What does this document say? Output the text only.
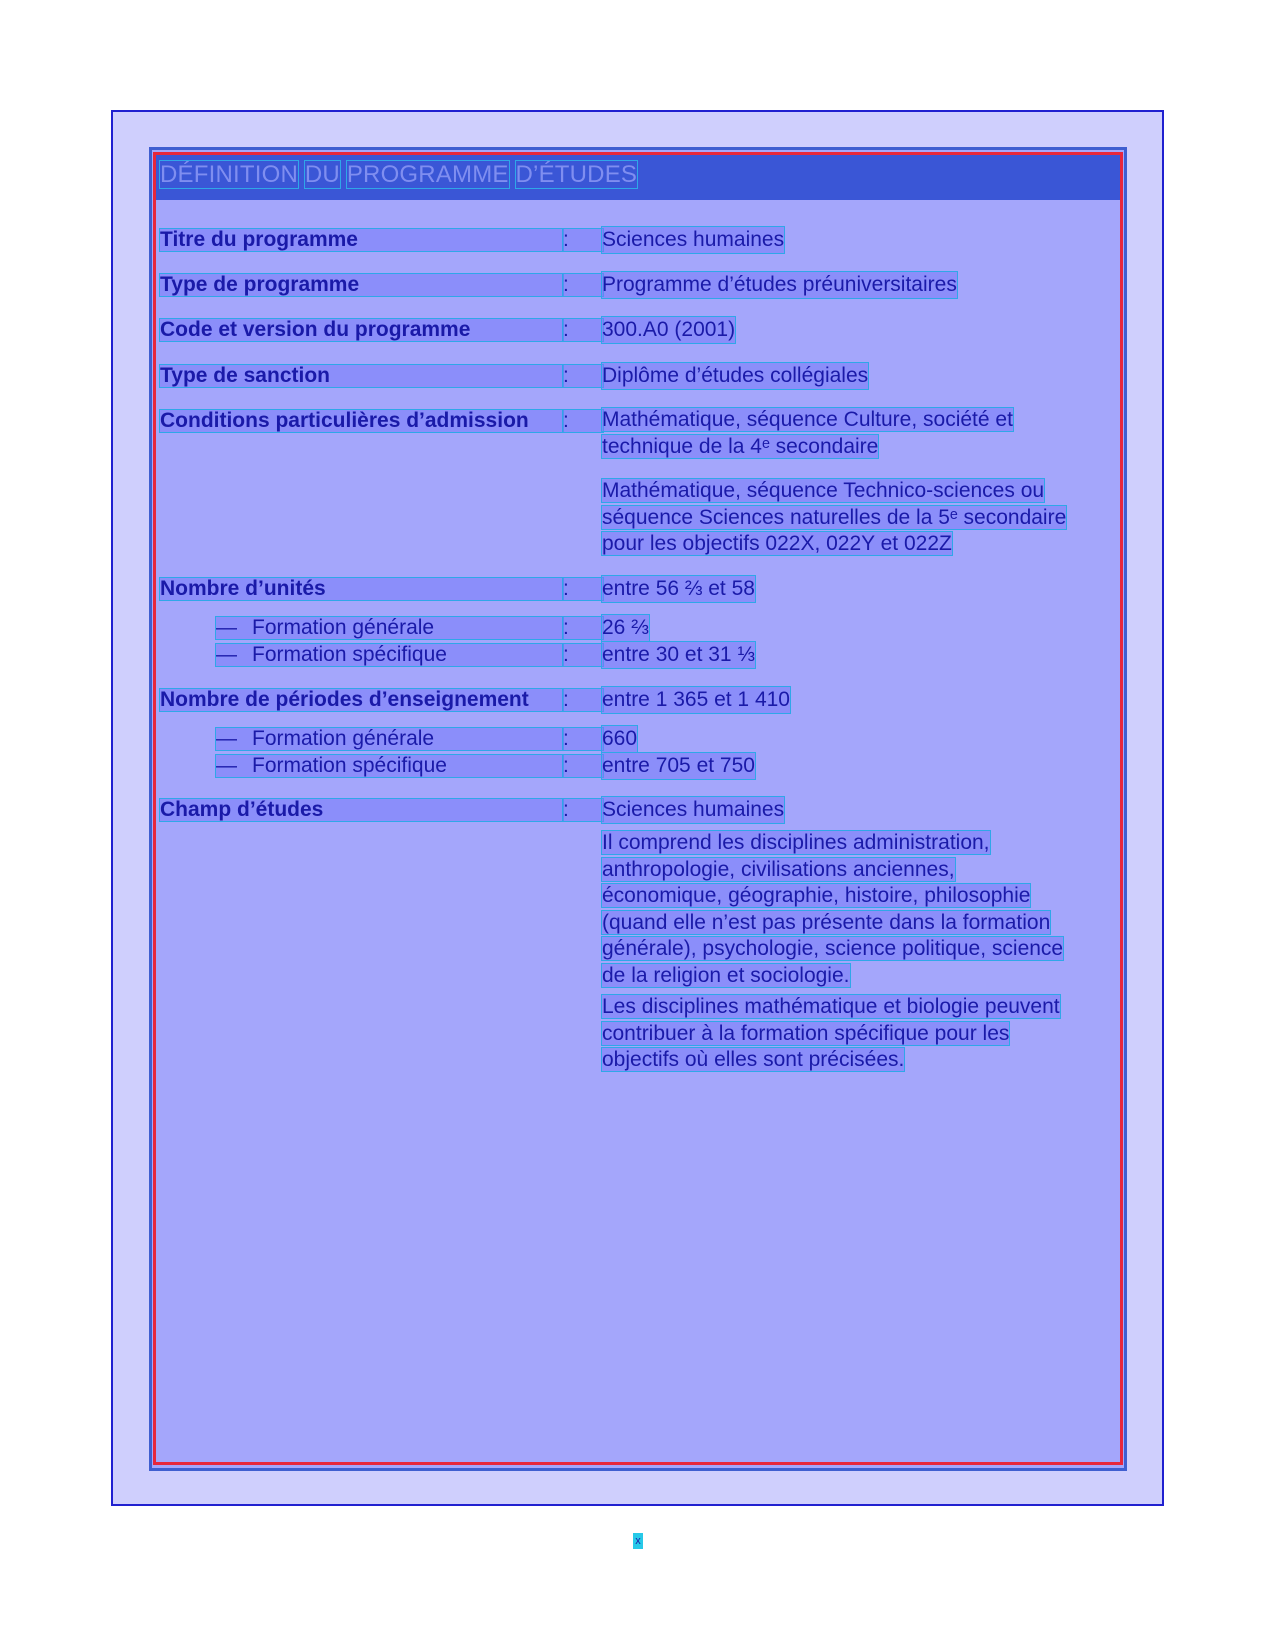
DÉFINITION DU PROGRAMME D’ÉTUDES
Titre du programme	:	Sciences humaines
Type de programme	:	Programme d’études préuniversitaires
Code et version du programme	:	300.A0 (2001)
Type de sanction	:	Diplôme d’études collégiales
Conditions particulières d’admission	:	Mathématique, séquence Culture, société et
technique de la 4ᵉ secondaire
Mathématique, séquence Technico-sciences ou
séquence Sciences naturelles de la 5ᵉ secondaire
pour les objectifs 022X, 022Y et 022Z
Nombre d’unités	:	entre 56 ⅔ et 58
— Formation générale	:	26 ⅔
— Formation spécifique	:	entre 30 et 31 ⅓
Nombre de périodes d’enseignement	:	entre 1 365 et 1 410
— Formation générale	:	660
— Formation spécifique	:	entre 705 et 750
Champ d’études	:	Sciences humaines
Il comprend les disciplines administration,
anthropologie, civilisations anciennes,
économique, géographie, histoire, philosophie
(quand elle n’est pas présente dans la formation
générale), psychologie, science politique, science
de la religion et sociologie.
Les disciplines mathématique et biologie peuvent
contribuer à la formation spécifique pour les
objectifs où elles sont précisées.
x
